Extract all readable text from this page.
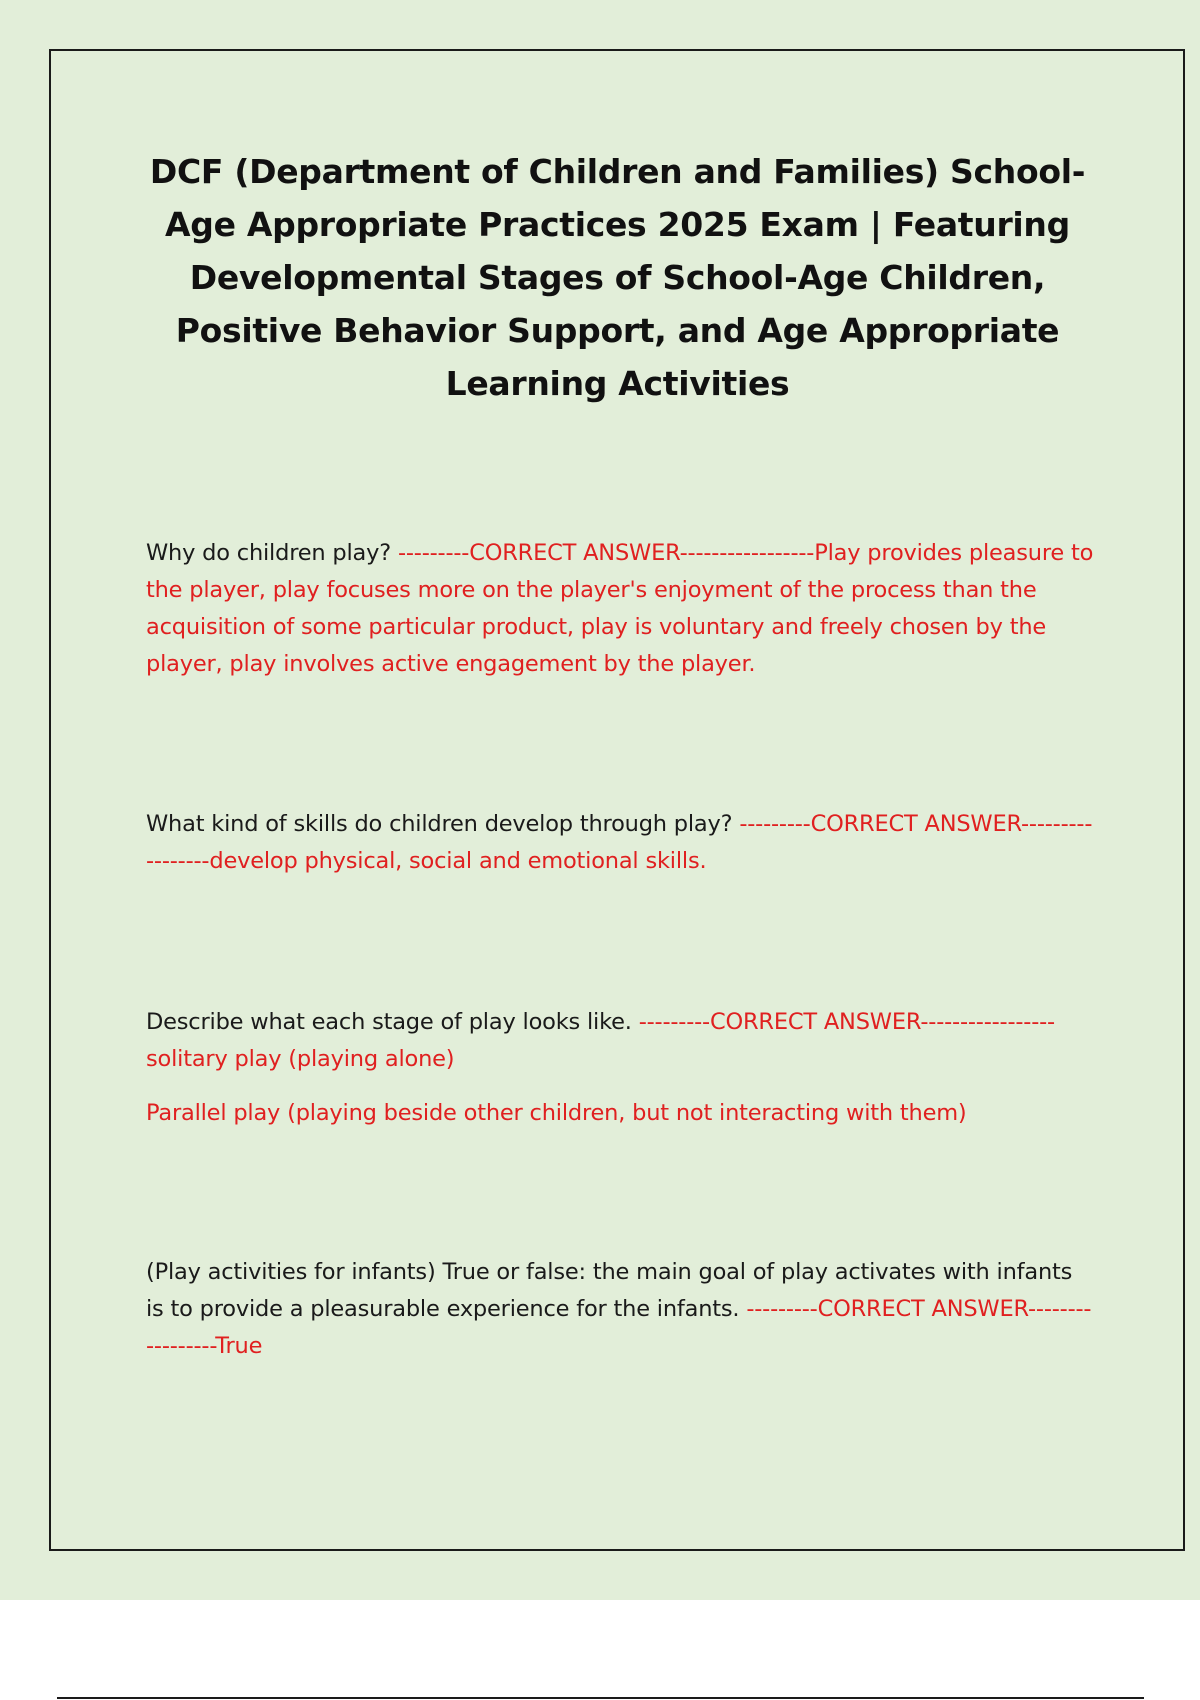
DCF (Department of Children and Families) School-Age Appropriate Practices 2025 Exam | Featuring Developmental Stages of School-Age Children, Positive Behavior Support, and Age Appropriate Learning Activities

Why do children play? ---------CORRECT ANSWER-----------------Play provides pleasure to the player, play focuses more on the player's enjoyment of the process than the acquisition of some particular product, play is voluntary and freely chosen by the player, play involves active engagement by the player.

What kind of skills do children develop through play? ---------CORRECT ANSWER-----------------develop physical, social and emotional skills.

Describe what each stage of play looks like. ---------CORRECT ANSWER-----------------solitary play (playing alone)

Parallel play (playing beside other children, but not interacting with them)

(Play activities for infants) True or false: the main goal of play activates with infants is to provide a pleasurable experience for the infants. ---------CORRECT ANSWER-----------------True
